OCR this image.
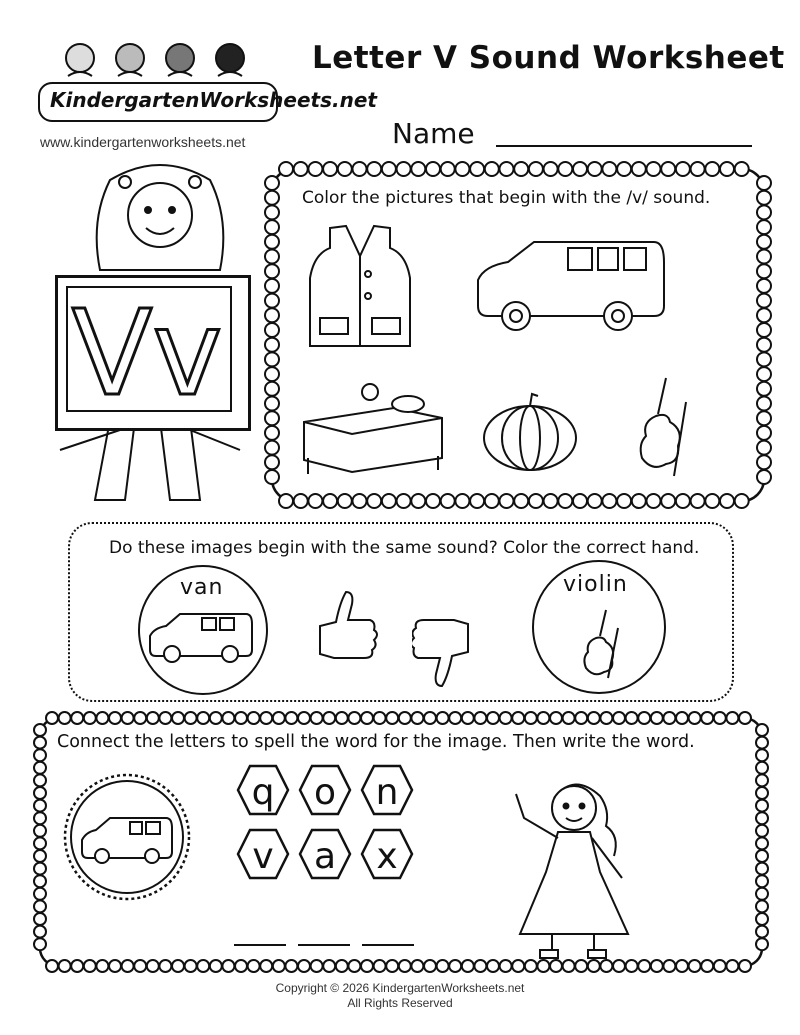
KindergartenWorksheets.net
www.kindergartenworksheets.net
Letter V Sound Worksheet
Name
Vv
Color the pictures that begin with the /v/ sound.
Do these images begin with the same sound? Color the correct hand.
van	violin
Connect the letters to spell the word for the image. Then write the word.
q o n
v a x
Copyright © 2026 KindergartenWorksheets.net
All Rights Reserved
